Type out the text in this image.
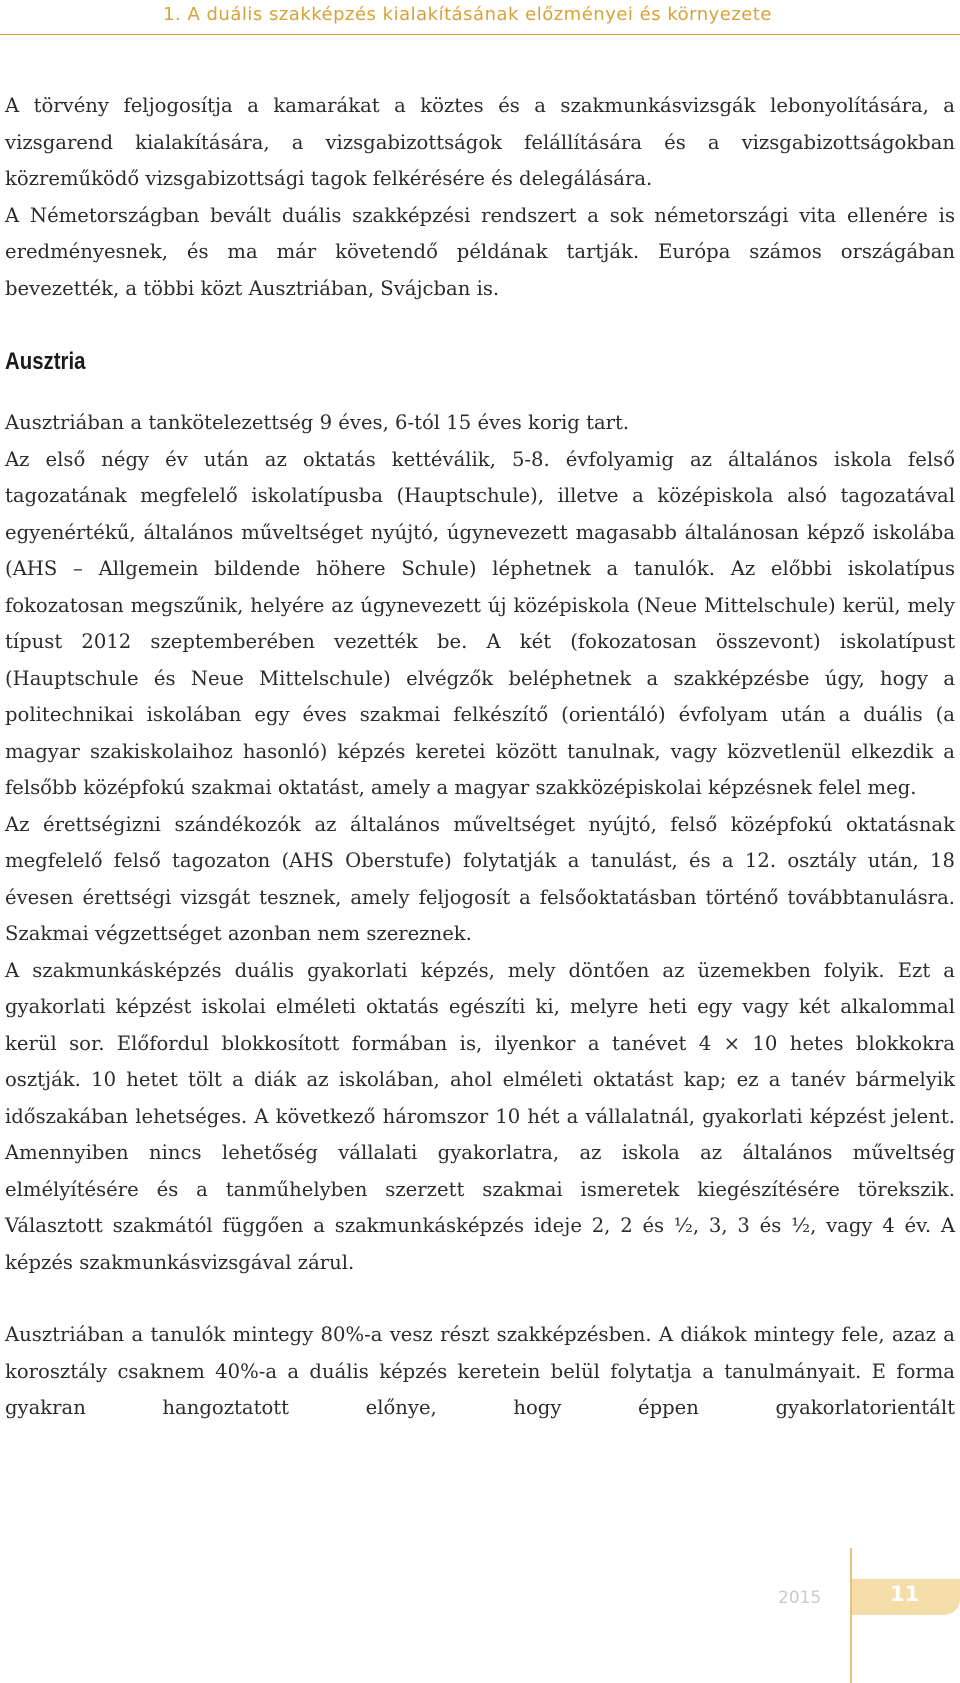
1. A duális szakképzés kialakításának előzményei és környezete

A törvény feljogosítja a kamarákat a köztes és a szakmunkásvizsgák lebonyolítására, a vizsgarend kialakítására, a vizsgabizottságok felállítására és a vizsgabizottságokban közreműködő vizsgabizottsági tagok felkérésére és delegálására.

A Németországban bevált duális szakképzési rendszert a sok németországi vita ellenére is eredményesnek, és ma már követendő példának tartják. Európa számos országában bevezették, a többi közt Ausztriában, Svájcban is.

Ausztria

Ausztriában a tankötelezettség 9 éves, 6-tól 15 éves korig tart.

Az első négy év után az oktatás kettéválik, 5-8. évfolyamig az általános iskola felső tagozatának megfelelő iskolatípusba (Hauptschule), illetve a középiskola alsó tagozatával egyenértékű, általános műveltséget nyújtó, úgynevezett magasabb általánosan képző iskolába (AHS – Allgemein bildende höhere Schule) léphetnek a tanulók. Az előbbi iskolatípus fokozatosan megszűnik, helyére az úgynevezett új középiskola (Neue Mittelschule) kerül, mely típust 2012 szeptemberében vezették be. A két (fokozatosan összevont) iskolatípust (Hauptschule és Neue Mittelschule) elvégzők beléphetnek a szakképzésbe úgy, hogy a politechnikai iskolában egy éves szakmai felkészítő (orientáló) évfolyam után a duális (a magyar szakiskolaihoz hasonló) képzés keretei között tanulnak, vagy közvetlenül elkezdik a felsőbb középfokú szakmai oktatást, amely a magyar szakközépiskolai képzésnek felel meg.

Az érettségizni szándékozók az általános műveltséget nyújtó, felső középfokú oktatásnak megfelelő felső tagozaton (AHS Oberstufe) folytatják a tanulást, és a 12. osztály után, 18 évesen érettségi vizsgát tesznek, amely feljogosít a felsőoktatásban történő továbbtanulásra. Szakmai végzettséget azonban nem szereznek.

A szakmunkásképzés duális gyakorlati képzés, mely döntően az üzemekben folyik. Ezt a gyakorlati képzést iskolai elméleti oktatás egészíti ki, melyre heti egy vagy két alkalommal kerül sor. Előfordul blokkosított formában is, ilyenkor a tanévet 4 × 10 hetes blokkokra osztják. 10 hetet tölt a diák az iskolában, ahol elméleti oktatást kap; ez a tanév bármelyik időszakában lehetséges. A következő háromszor 10 hét a vállalatnál, gyakorlati képzést jelent. Amennyiben nincs lehetőség vállalati gyakorlatra, az iskola az általános műveltség elmélyítésére és a tanműhelyben szerzett szakmai ismeretek kiegészítésére törekszik. Választott szakmától függően a szakmunkásképzés ideje 2, 2 és ½, 3, 3 és ½, vagy 4 év. A képzés szakmunkásvizsgával zárul.

Ausztriában a tanulók mintegy 80%-a vesz részt szakképzésben. A diákok mintegy fele, azaz a korosztály csaknem 40%-a a duális képzés keretein belül folytatja a tanulmányait. E forma gyakran hangoztatott előnye, hogy éppen gyakorlatorientált

2015	11
